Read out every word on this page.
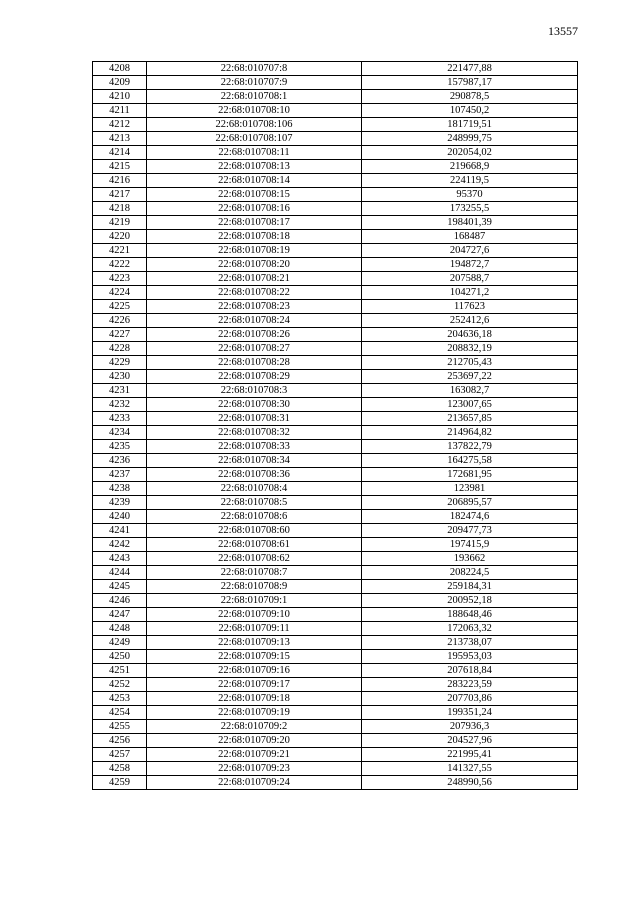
13557
4208	22:68:010707:8	221477,88
4209	22:68:010707:9	157987,17
4210	22:68:010708:1	290878,5
4211	22:68:010708:10	107450,2
4212	22:68:010708:106	181719,51
4213	22:68:010708:107	248999,75
4214	22:68:010708:11	202054,02
4215	22:68:010708:13	219668,9
4216	22:68:010708:14	224119,5
4217	22:68:010708:15	95370
4218	22:68:010708:16	173255,5
4219	22:68:010708:17	198401,39
4220	22:68:010708:18	168487
4221	22:68:010708:19	204727,6
4222	22:68:010708:20	194872,7
4223	22:68:010708:21	207588,7
4224	22:68:010708:22	104271,2
4225	22:68:010708:23	117623
4226	22:68:010708:24	252412,6
4227	22:68:010708:26	204636,18
4228	22:68:010708:27	208832,19
4229	22:68:010708:28	212705,43
4230	22:68:010708:29	253697,22
4231	22:68:010708:3	163082,7
4232	22:68:010708:30	123007,65
4233	22:68:010708:31	213657,85
4234	22:68:010708:32	214964,82
4235	22:68:010708:33	137822,79
4236	22:68:010708:34	164275,58
4237	22:68:010708:36	172681,95
4238	22:68:010708:4	123981
4239	22:68:010708:5	206895,57
4240	22:68:010708:6	182474,6
4241	22:68:010708:60	209477,73
4242	22:68:010708:61	197415,9
4243	22:68:010708:62	193662
4244	22:68:010708:7	208224,5
4245	22:68:010708:9	259184,31
4246	22:68:010709:1	200952,18
4247	22:68:010709:10	188648,46
4248	22:68:010709:11	172063,32
4249	22:68:010709:13	213738,07
4250	22:68:010709:15	195953,03
4251	22:68:010709:16	207618,84
4252	22:68:010709:17	283223,59
4253	22:68:010709:18	207703,86
4254	22:68:010709:19	199351,24
4255	22:68:010709:2	207936,3
4256	22:68:010709:20	204527,96
4257	22:68:010709:21	221995,41
4258	22:68:010709:23	141327,55
4259	22:68:010709:24	248990,56
